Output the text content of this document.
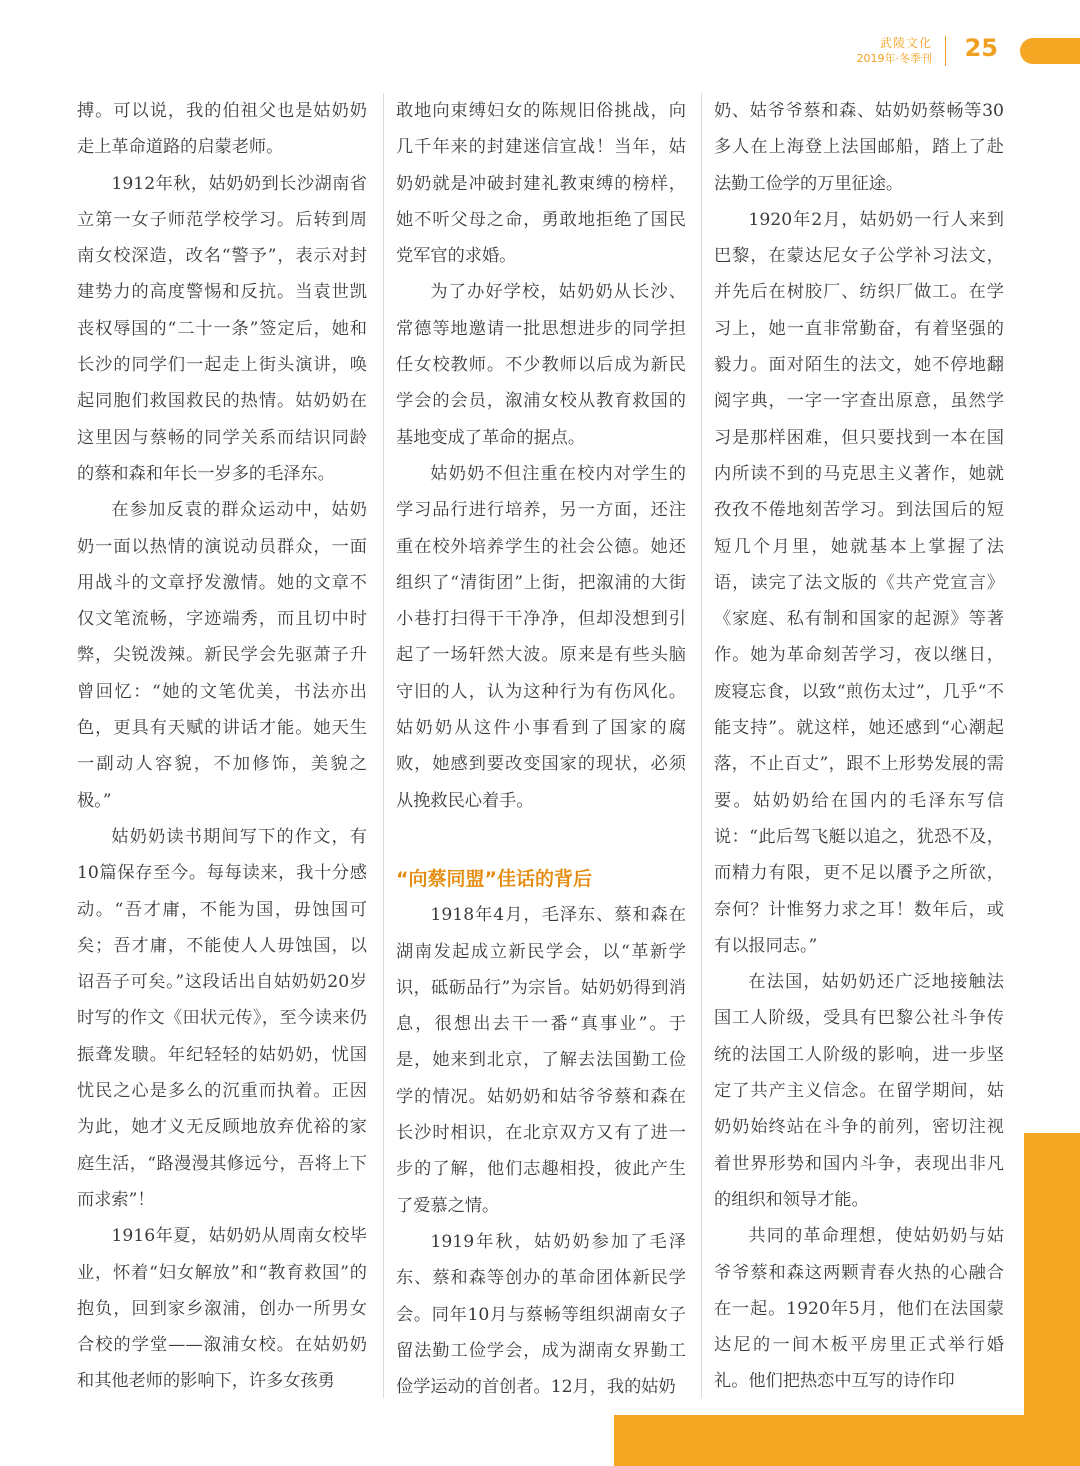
武陵文化
2019年·冬季刊 25

搏。可以说，我的伯祖父也是姑奶奶走上革命道路的启蒙老师。

1912年秋，姑奶奶到长沙湖南省立第一女子师范学校学习。后转到周南女校深造，改名“警予”，表示对封建势力的高度警惕和反抗。当袁世凯丧权辱国的“二十一条”签定后，她和长沙的同学们一起走上街头演讲，唤起同胞们救国救民的热情。姑奶奶在这里因与蔡畅的同学关系而结识同龄的蔡和森和年长一岁多的毛泽东。

在参加反袁的群众运动中，姑奶奶一面以热情的演说动员群众，一面用战斗的文章抒发激情。她的文章不仅文笔流畅，字迹端秀，而且切中时弊，尖锐泼辣。新民学会先驱萧子升曾回忆：“她的文笔优美，书法亦出色，更具有天赋的讲话才能。她天生一副动人容貌，不加修饰，美貌之极。”

姑奶奶读书期间写下的作文，有10篇保存至今。每每读来，我十分感动。“吾才庸，不能为国，毋蚀国可矣；吾才庸，不能使人人毋蚀国，以诏吾子可矣。”这段话出自姑奶奶20岁时写的作文《田状元传》，至今读来仍振聋发聩。年纪轻轻的姑奶奶，忧国忧民之心是多么的沉重而执着。正因为此，她才义无反顾地放弃优裕的家庭生活，“路漫漫其修远兮，吾将上下而求索”！

1916年夏，姑奶奶从周南女校毕业，怀着“妇女解放”和“教育救国”的抱负，回到家乡溆浦，创办一所男女合校的学堂——溆浦女校。在姑奶奶和其他老师的影响下，许多女孩勇

敢地向束缚妇女的陈规旧俗挑战，向几千年来的封建迷信宣战！当年，姑奶奶就是冲破封建礼教束缚的榜样，她不听父母之命，勇敢地拒绝了国民党军官的求婚。

为了办好学校，姑奶奶从长沙、常德等地邀请一批思想进步的同学担任女校教师。不少教师以后成为新民学会的会员，溆浦女校从教育救国的基地变成了革命的据点。

姑奶奶不但注重在校内对学生的学习品行进行培养，另一方面，还注重在校外培养学生的社会公德。她还组织了“清街团”上街，把溆浦的大街小巷打扫得干干净净，但却没想到引起了一场轩然大波。原来是有些头脑守旧的人，认为这种行为有伤风化。姑奶奶从这件小事看到了国家的腐败，她感到要改变国家的现状，必须从挽救民心着手。

“向蔡同盟”佳话的背后

1918年4月，毛泽东、蔡和森在湖南发起成立新民学会，以“革新学识，砥砺品行”为宗旨。姑奶奶得到消息，很想出去干一番“真事业”。于是，她来到北京，了解去法国勤工俭学的情况。姑奶奶和姑爷爷蔡和森在长沙时相识，在北京双方又有了进一步的了解，他们志趣相投，彼此产生了爱慕之情。

1919年秋，姑奶奶参加了毛泽东、蔡和森等创办的革命团体新民学会。同年10月与蔡畅等组织湖南女子留法勤工俭学会，成为湖南女界勤工俭学运动的首创者。12月，我的姑奶

奶、姑爷爷蔡和森、姑奶奶蔡畅等30多人在上海登上法国邮船，踏上了赴法勤工俭学的万里征途。

1920年2月，姑奶奶一行人来到巴黎，在蒙达尼女子公学补习法文，并先后在树胶厂、纺织厂做工。在学习上，她一直非常勤奋，有着坚强的毅力。面对陌生的法文，她不停地翻阅字典，一字一字查出原意，虽然学习是那样困难，但只要找到一本在国内所读不到的马克思主义著作，她就孜孜不倦地刻苦学习。到法国后的短短几个月里，她就基本上掌握了法语，读完了法文版的《共产党宣言》《家庭、私有制和国家的起源》等著作。她为革命刻苦学习，夜以继日，废寝忘食，以致“煎伤太过”，几乎“不能支持”。就这样，她还感到“心潮起落，不止百丈”，跟不上形势发展的需要。姑奶奶给在国内的毛泽东写信说：“此后驾飞艇以追之，犹恐不及，而精力有限，更不足以餍予之所欲，奈何？计惟努力求之耳！数年后，或有以报同志。”

在法国，姑奶奶还广泛地接触法国工人阶级，受具有巴黎公社斗争传统的法国工人阶级的影响，进一步坚定了共产主义信念。在留学期间，姑奶奶始终站在斗争的前列，密切注视着世界形势和国内斗争，表现出非凡的组织和领导才能。

共同的革命理想，使姑奶奶与姑爷爷蔡和森这两颗青春火热的心融合在一起。1920年5月，他们在法国蒙达尼的一间木板平房里正式举行婚礼。他们把热恋中互写的诗作印
